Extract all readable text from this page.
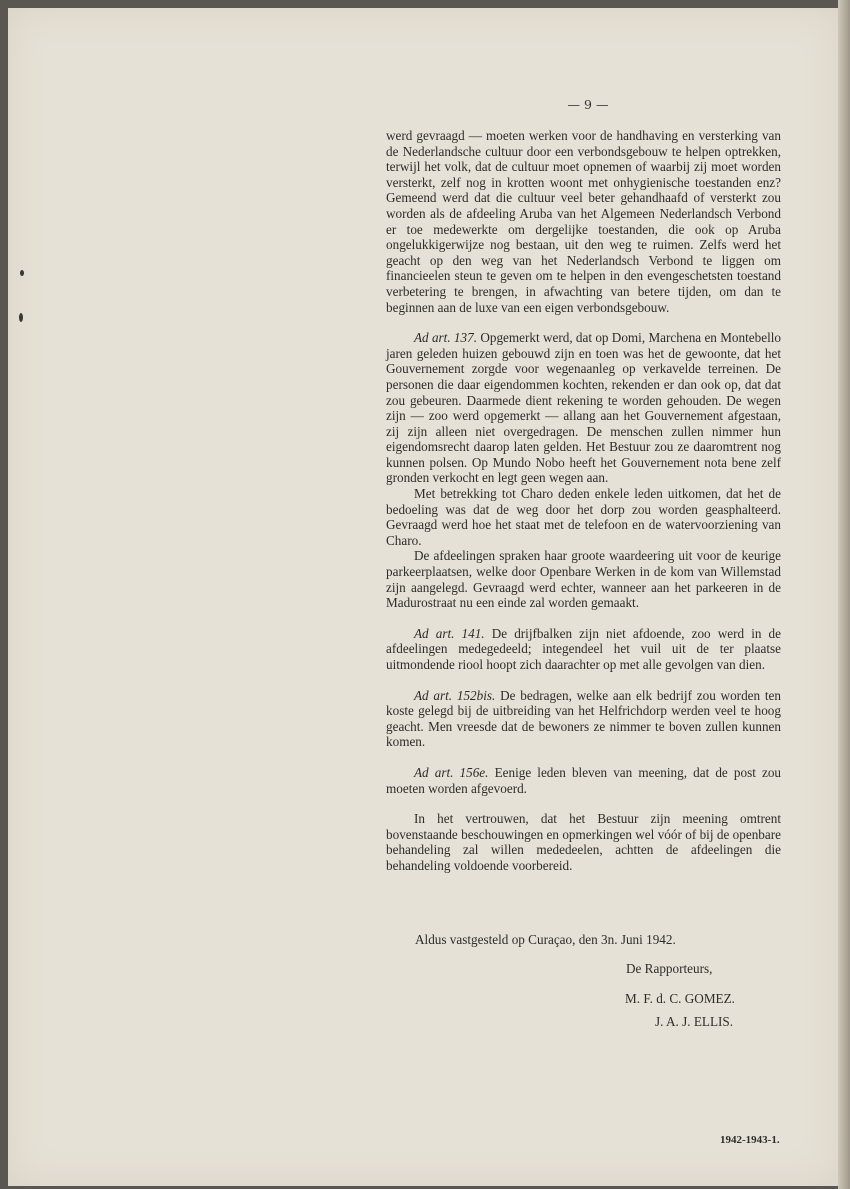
— 9 —

werd gevraagd — moeten werken voor de handhaving en versterking van de Nederlandsche cultuur door een verbondsgebouw te helpen optrekken, terwijl het volk, dat de cultuur moet opnemen of waarbij zij moet worden versterkt, zelf nog in krotten woont met onhygienische toestanden enz? Gemeend werd dat die cultuur veel beter gehandhaafd of versterkt zou worden als de afdeeling Aruba van het Algemeen Nederlandsch Verbond er toe medewerkte om dergelijke toestanden, die ook op Aruba ongelukkigerwijze nog bestaan, uit den weg te ruimen. Zelfs werd het geacht op den weg van het Nederlandsch Verbond te liggen om financieelen steun te geven om te helpen in den evengeschetsten toestand verbetering te brengen, in afwachting van betere tijden, om dan te beginnen aan de luxe van een eigen verbondsgebouw.

Ad art. 137. Opgemerkt werd, dat op Domi, Marchena en Montebello jaren geleden huizen gebouwd zijn en toen was het de gewoonte, dat het Gouvernement zorgde voor wegenaanleg op verkavelde terreinen. De personen die daar eigendommen kochten, rekenden er dan ook op, dat dat zou gebeuren. Daarmede dient rekening te worden gehouden. De wegen zijn — zoo werd opgemerkt — allang aan het Gouvernement afgestaan, zij zijn alleen niet overgedragen. De menschen zullen nimmer hun eigendomsrecht daarop laten gelden. Het Bestuur zou ze daaromtrent nog kunnen polsen. Op Mundo Nobo heeft het Gouvernement nota bene zelf gronden verkocht en legt geen wegen aan.

Met betrekking tot Charo deden enkele leden uitkomen, dat het de bedoeling was dat de weg door het dorp zou worden geasphalteerd. Gevraagd werd hoe het staat met de telefoon en de watervoorziening van Charo.

De afdeelingen spraken haar groote waardeering uit voor de keurige parkeerplaatsen, welke door Openbare Werken in de kom van Willemstad zijn aangelegd. Gevraagd werd echter, wanneer aan het parkeeren in de Madurostraat nu een einde zal worden gemaakt.

Ad art. 141. De drijfbalken zijn niet afdoende, zoo werd in de afdeelingen medegedeeld; integendeel het vuil uit de ter plaatse uitmondende riool hoopt zich daarachter op met alle gevolgen van dien.

Ad art. 152bis. De bedragen, welke aan elk bedrijf zou worden ten koste gelegd bij de uitbreiding van het Helfrichdorp werden veel te hoog geacht. Men vreesde dat de bewoners ze nimmer te boven zullen kunnen komen.

Ad art. 156e. Eenige leden bleven van meening, dat de post zou moeten worden afgevoerd.

In het vertrouwen, dat het Bestuur zijn meening omtrent bovenstaande beschouwingen en opmerkingen wel vóór of bij de openbare behandeling zal willen mededeelen, achtten de afdeelingen die behandeling voldoende voorbereid.

Aldus vastgesteld op Curaçao, den 3n. Juni 1942.
De Rapporteurs,
M. F. d. C. GOMEZ.
J. A. J. ELLIS.
1942-1943-1.
